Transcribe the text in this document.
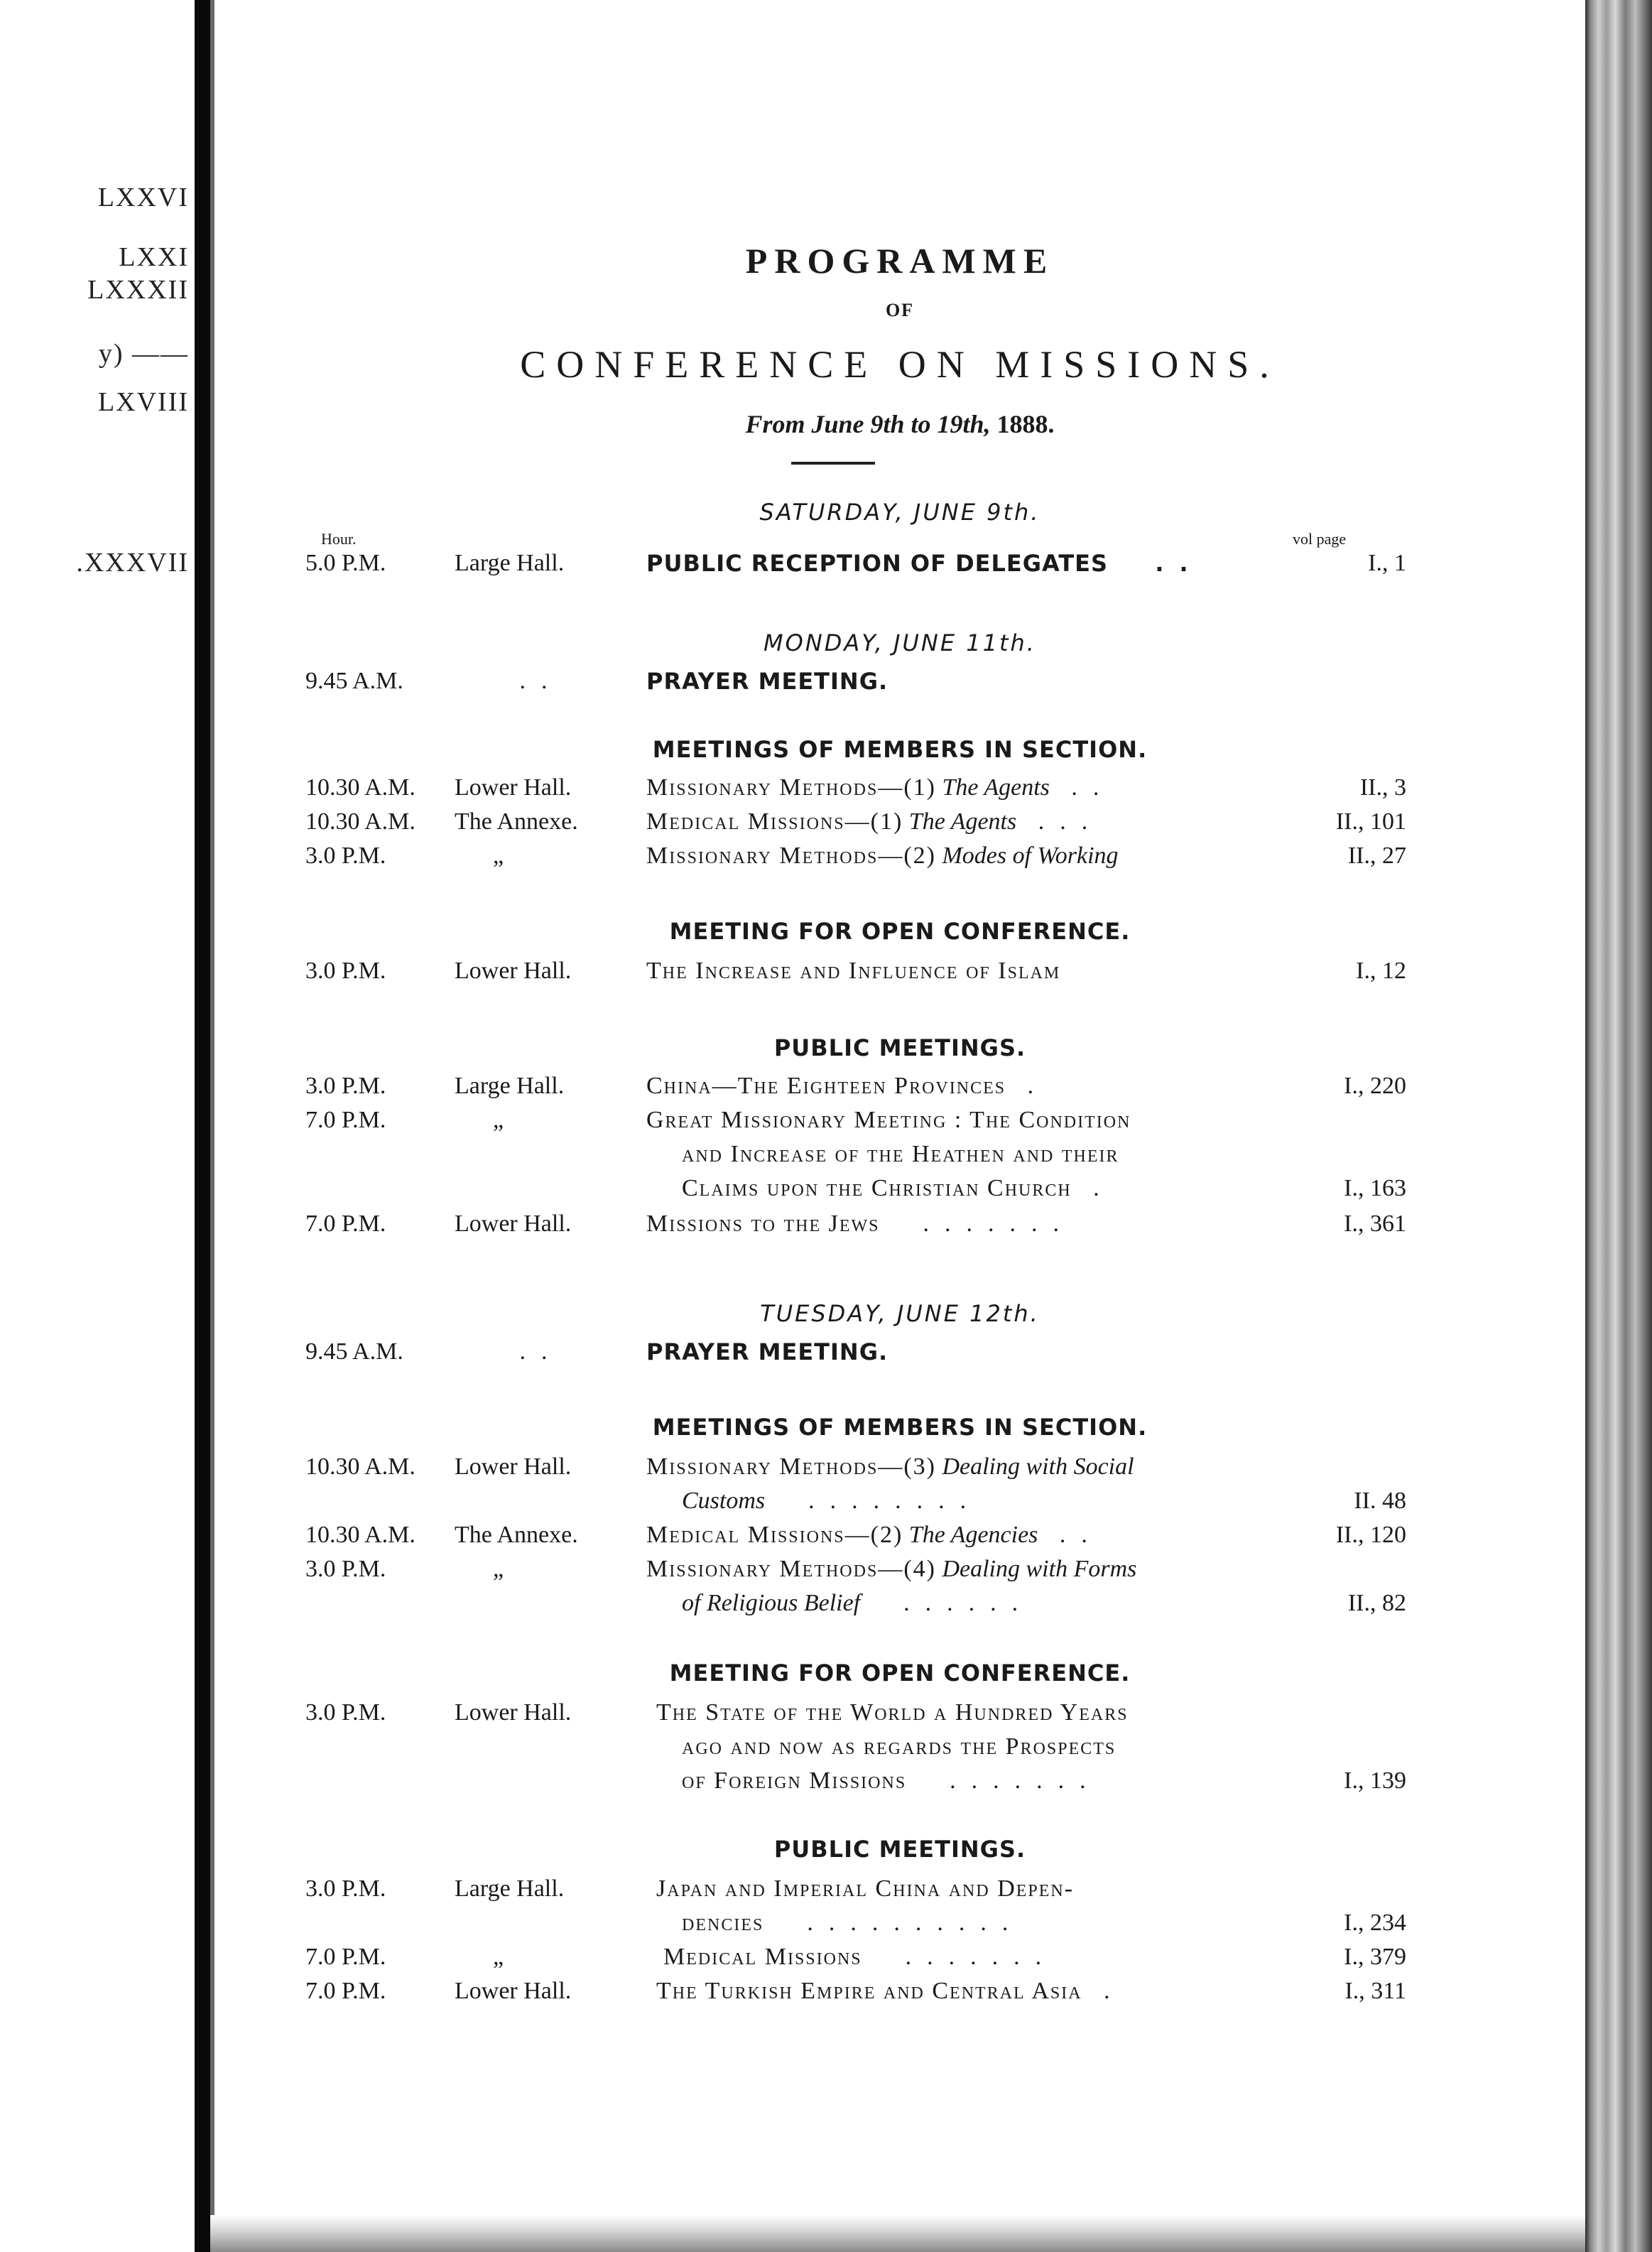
LXXVI
LXXI
LXXXII
y) ——
LXVIII
.XXXVII
PROGRAMME
OF
CONFERENCE ON MISSIONS.
From June 9th to 19th, 1888.
SATURDAY, JUNE 9th.
Hour.	vol page
5.0 P.M.	Large Hall.	PUBLIC RECEPTION OF DELEGATES  ..	I., 1
MONDAY, JUNE 11th.
9.45 A.M.	..	PRAYER MEETING.
MEETINGS OF MEMBERS IN SECTION.
10.30 A.M.	Lower Hall.	Missionary Methods—(1) The Agents ..	II., 3
10.30 A.M.	The Annexe.	Medical Missions—(1) The Agents ...	II., 101
3.0 P.M.	„	Missionary Methods—(2) Modes of Working	II., 27
MEETING FOR OPEN CONFERENCE.
3.0 P.M.	Lower Hall.	The Increase and Influence of Islam	I., 12
PUBLIC MEETINGS.
3.0 P.M.	Large Hall.	China—The Eighteen Provinces .	I., 220
7.0 P.M.	„	Great Missionary Meeting : The Condition
and Increase of the Heathen and their
Claims upon the Christian Church .	I., 163
7.0 P.M.	Lower Hall.	Missions to the Jews  .......	I., 361
TUESDAY, JUNE 12th.
9.45 A.M.	..	PRAYER MEETING.
MEETINGS OF MEMBERS IN SECTION.
10.30 A.M.	Lower Hall.	Missionary Methods—(3) Dealing with Social
Customs  ........	II. 48
10.30 A.M.	The Annexe.	Medical Missions—(2) The Agencies ..	II., 120
3.0 P.M.	„	Missionary Methods—(4) Dealing with Forms
of Religious Belief  ......	II., 82
MEETING FOR OPEN CONFERENCE.
3.0 P.M.	Lower Hall.	The State of the World a Hundred Years
ago and now as regards the Prospects
of Foreign Missions  .......	I., 139
PUBLIC MEETINGS.
3.0 P.M.	Large Hall.	Japan and Imperial China and Depen-
dencies  ..........	I., 234
7.0 P.M.	„	Medical Missions  .......	I., 379
7.0 P.M.	Lower Hall.	The Turkish Empire and Central Asia .	I., 311
